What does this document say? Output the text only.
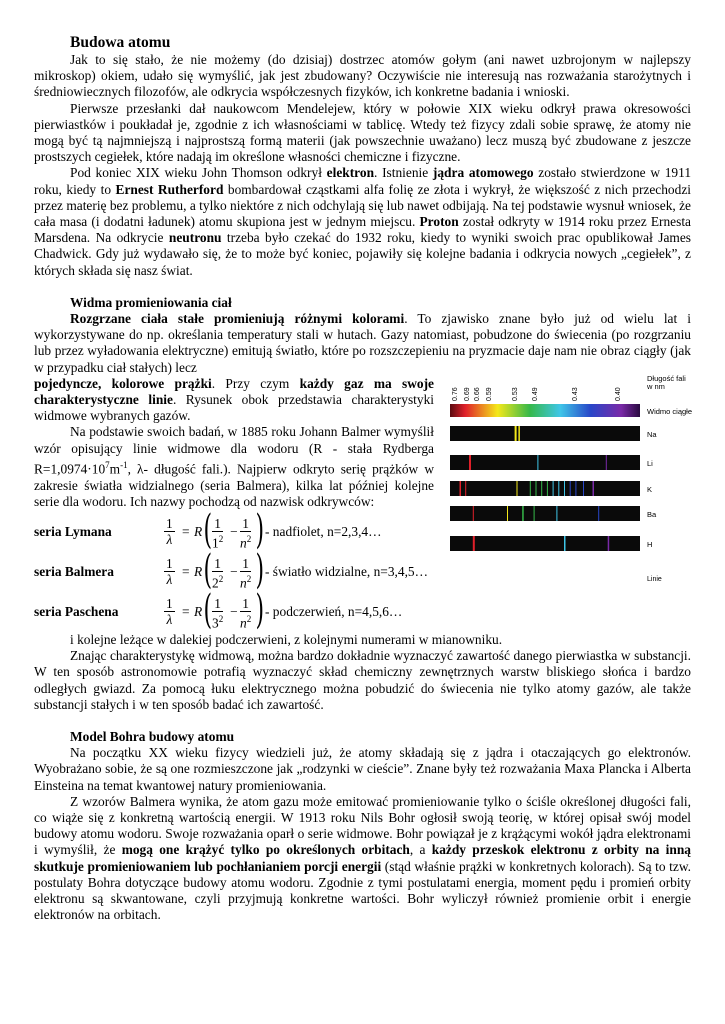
Budowa atomu

Jak to się stało, że nie możemy (do dzisiaj) dostrzec atomów gołym (ani nawet uzbrojonym w najlepszy mikroskop) okiem, udało się wymyślić, jak jest zbudowany? Oczywiście nie interesują nas rozważania starożytnych i średniowiecznych filozofów, ale odkrycia współczesnych fizyków, ich konkretne badania i wnioski.

Pierwsze przesłanki dał naukowcom Mendelejew, który w połowie XIX wieku odkrył prawa okresowości pierwiastków i poukładał je, zgodnie z ich własnościami w tablicę. Wtedy też fizycy zdali sobie sprawę, że atomy nie mogą być tą najmniejszą i najprostszą formą materii (jak powszechnie uważano) lecz muszą być zbudowane z jeszcze prostszych cegiełek, które nadają im określone własności chemiczne i fizyczne.

Pod koniec XIX wieku John Thomson odkrył elektron. Istnienie jądra atomowego zostało stwierdzone w 1911 roku, kiedy to Ernest Rutherford bombardował cząstkami alfa folię ze złota i wykrył, że większość z nich przechodzi przez materię bez problemu, a tylko niektóre z nich odchylają się lub nawet odbijają. Na tej podstawie wysnuł wniosek, że cała masa (i dodatni ładunek) atomu skupiona jest w jednym miejscu. Proton został odkryty w 1914 roku przez Ernesta Marsdena. Na odkrycie neutronu trzeba było czekać do 1932 roku, kiedy to wyniki swoich prac opublikował James Chadwick. Gdy już wydawało się, że to może być koniec, pojawiły się kolejne badania i odkrycia nowych „cegiełek”, z których składa się nasz świat.

Widma promieniowania ciał

Rozgrzane ciała stałe promieniują różnymi kolorami. To zjawisko znane było już od wielu lat i wykorzystywane do np. określania temperatury stali w hutach. Gazy natomiast, pobudzone do świecenia (po rozgrzaniu lub przez wyładowania elektryczne) emitują światło, które po rozszczepieniu na pryzmacie daje nam nie obraz ciągły (jak w przypadku ciał stałych) lecz

pojedyncze, kolorowe prążki. Przy czym każdy gaz ma swoje charakterystyczne linie. Rysunek obok przedstawia charakterystyki widmowe wybranych gazów.

Na podstawie swoich badań, w 1885 roku Johann Balmer wymyślił wzór opisujący linie widmowe dla wodoru (R - stała Rydberga $R=1,0974\cdot 10^7m^{-1}$, λ- długość fali.). Najpierw odkryto serię prążków w zakresie światła widzialnego (seria Balmera), kilka lat później kolejne serie dla wodoru. Ich nazwy pochodzą od nazwisk odkrywców:

seria Lymana	$\frac{1}{\lambda} = R$ ( $\frac{1}{1^2} - \frac{1}{n^2}$ ) - nadfiolet, n=2,3,4…
seria Balmera	$\frac{1}{\lambda} = R$ ( $\frac{1}{2^2} - \frac{1}{n^2}$ ) - światło widzialne, n=3,4,5…
seria Paschena	$\frac{1}{\lambda} = R$ ( $\frac{1}{3^2} - \frac{1}{n^2}$ ) - podczerwień, n=4,5,6…

i kolejne leżące w dalekiej podczerwieni, z kolejnymi numerami w mianowniku.

Znając charakterystykę widmową, można bardzo dokładnie wyznaczyć zawartość danego pierwiastka w substancji. W ten sposób astronomowie potrafią wyznaczyć skład chemiczny zewnętrznych warstw bliskiego słońca i bardzo odległych gwiazd. Za pomocą łuku elektrycznego można pobudzić do świecenia nie tylko atomy gazów, ale także substancji stałych i w ten sposób badać ich zawartość.

Model Bohra budowy atomu

Na początku XX wieku fizycy wiedzieli już, że atomy składają się z jądra i otaczających go elektronów. Wyobrażano sobie, że są one rozmieszczone jak „rodzynki w cieście”. Znane były też rozważania Maxa Plancka i Alberta Einsteina na temat kwantowej natury promieniowania.

Z wzorów Balmera wynika, że atom gazu może emitować promieniowanie tylko o ściśle określonej długości fali, co wiąże się z konkretną wartością energii. W 1913 roku Nils Bohr ogłosił swoją teorię, w której opisał swój model budowy atomu wodoru. Swoje rozważania oparł o serie widmowe. Bohr powiązał je z krążącymi wokół jądra elektronami i wymyślił, że mogą one krążyć tylko po określonych orbitach, a każdy przeskok elektronu z orbity na inną skutkuje promieniowaniem lub pochłanianiem porcji energii (stąd właśnie prążki w konkretnych kolorach). Są to tzw. postulaty Bohra dotyczące budowy atomu wodoru. Zgodnie z tymi postulatami energia, moment pędu i promień orbity elektronu są skwantowane, czyli przyjmują konkretne wartości. Bohr wyliczył również promienie orbit i energie elektronów na orbitach.

0.76 0.69 0.66 0.59	0.53 0.49	0.43	0.40
Długość fali
w nm
Widmo ciągłe
Na
Li
K
Ba
H
Linie
